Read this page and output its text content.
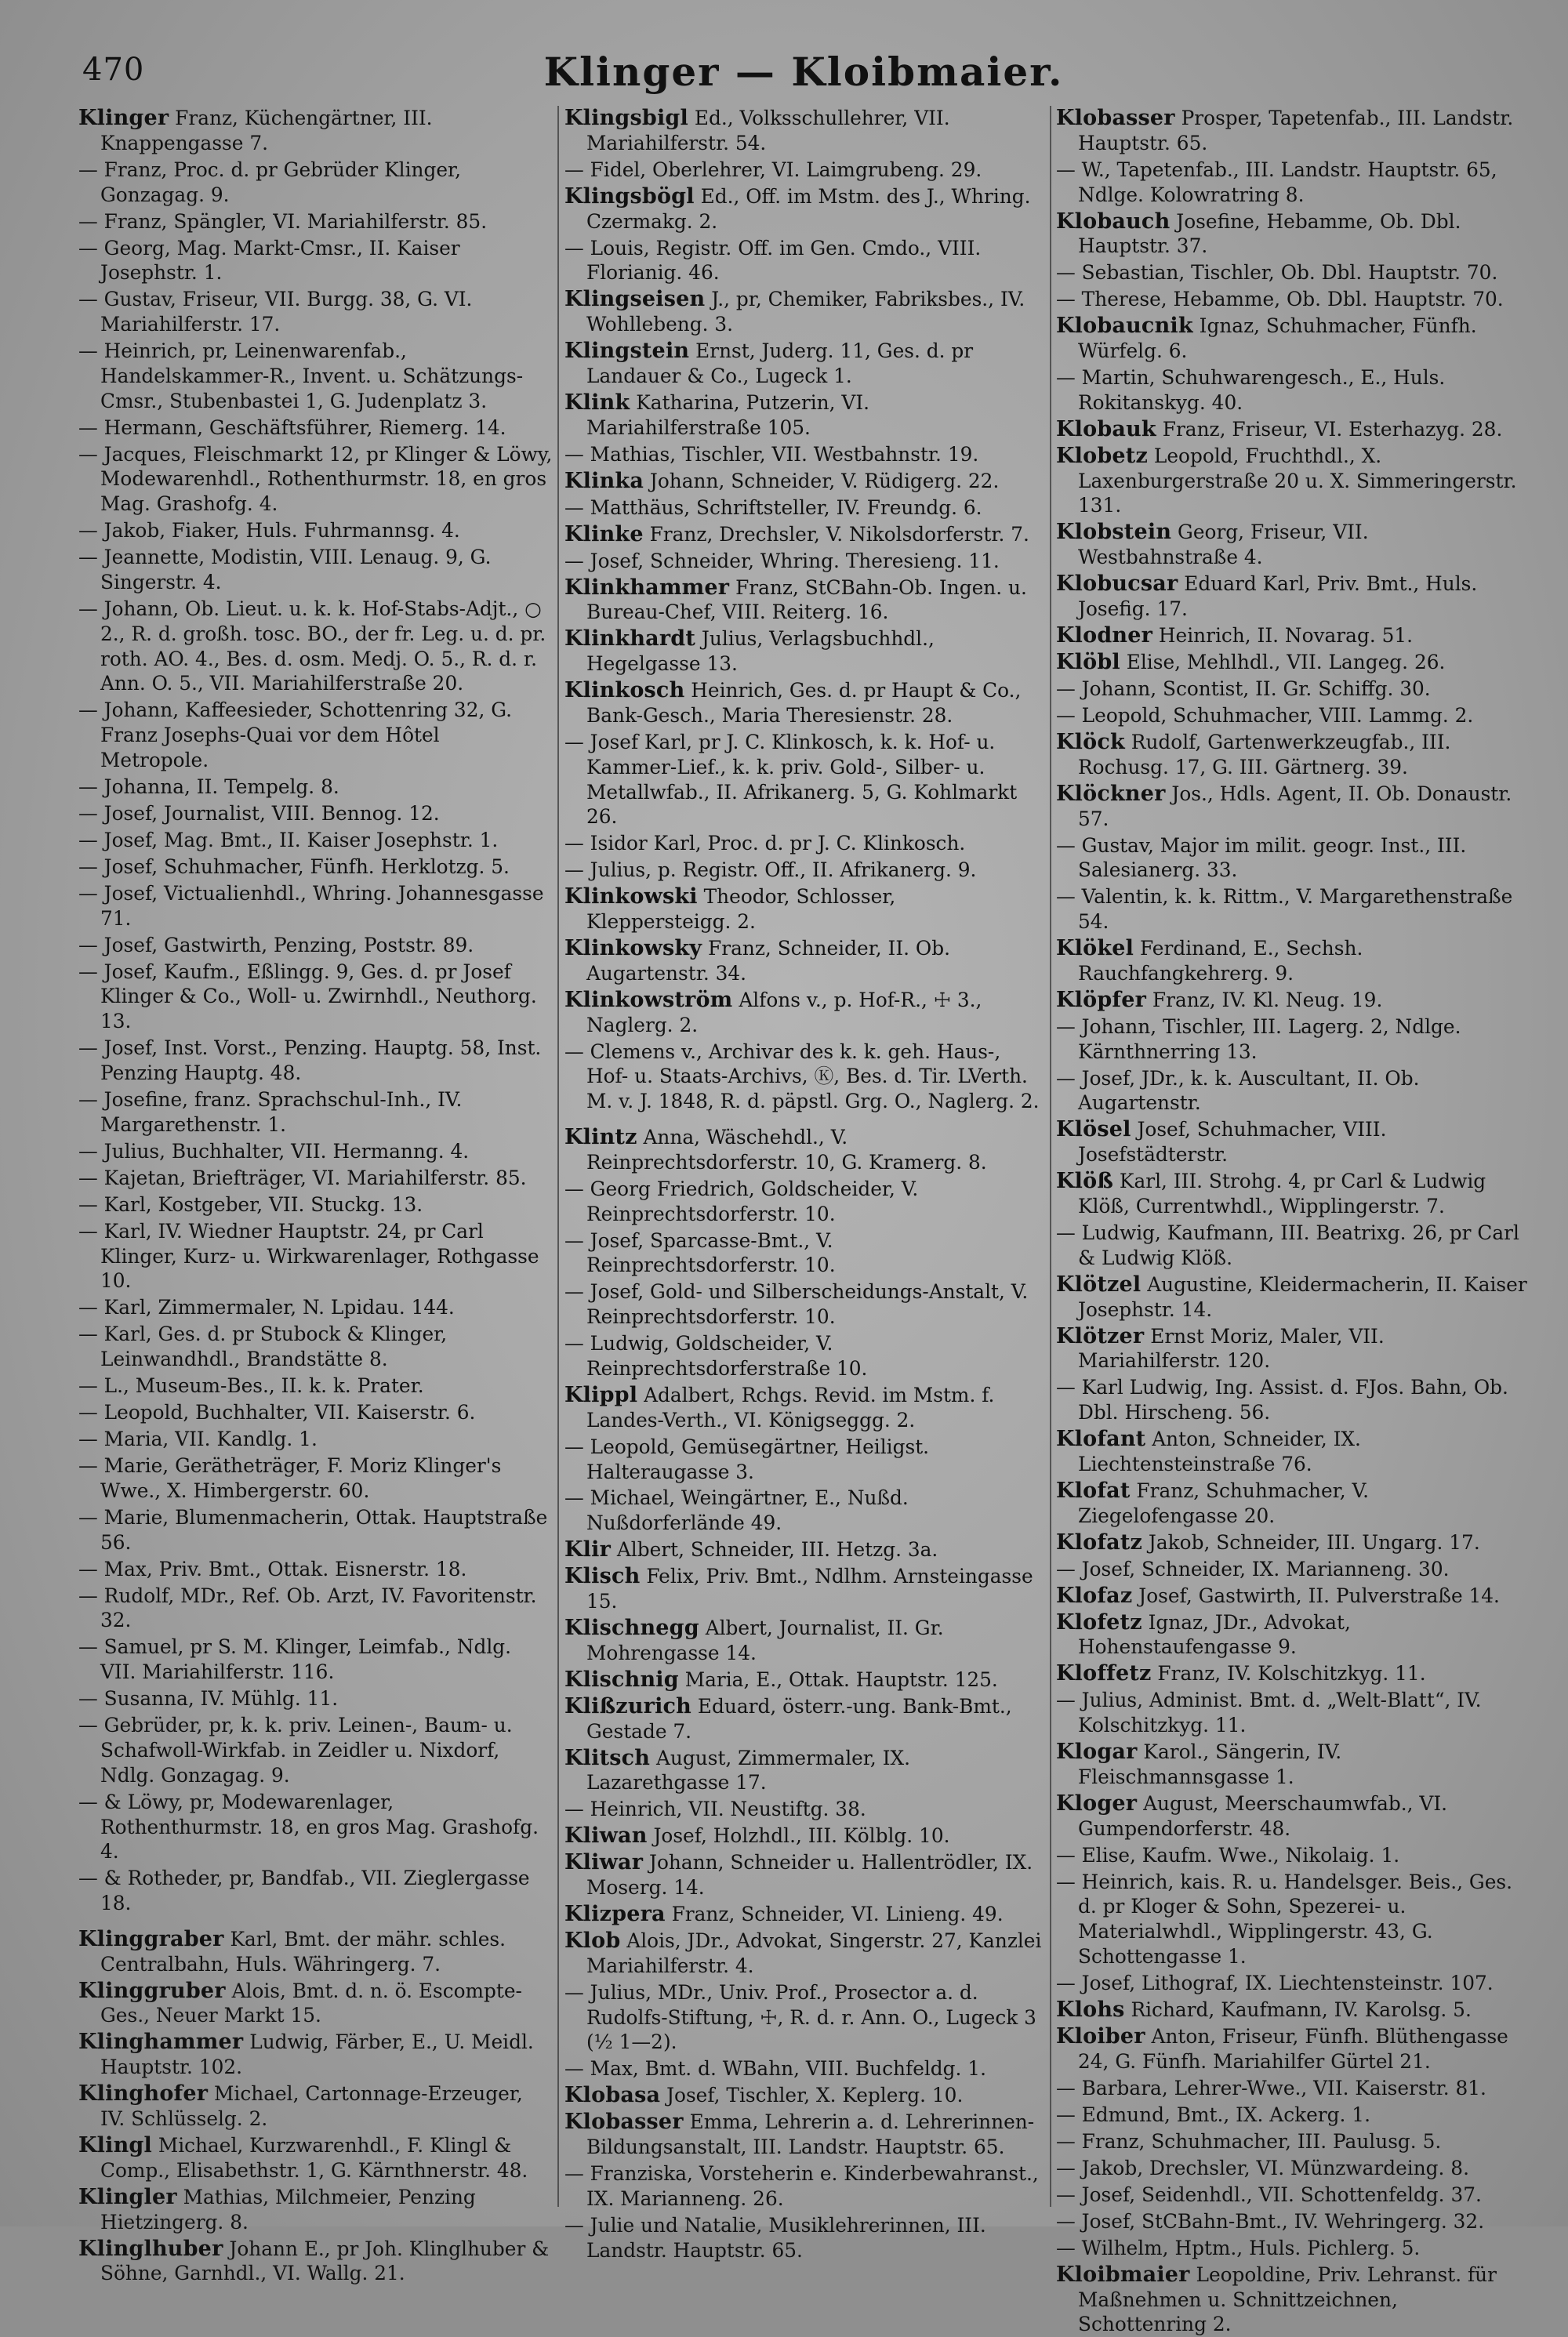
470	Klinger — Kloibmaier.
Klinger Franz, Küchengärtner, III. Knappengasse 7.
— Franz, Proc. d. pr Gebrüder Klinger, Gonzagag. 9.
— Franz, Spängler, VI. Mariahilferstr. 85.
— Georg, Mag. Markt-Cmsr., II. Kaiser Josephstr. 1.
— Gustav, Friseur, VII. Burgg. 38, G. VI. Mariahilferstr. 17.
— Heinrich, pr, Leinenwarenfab., Handelskammer-R., Invent. u. Schätzungs-Cmsr., Stubenbastei 1, G. Judenplatz 3.
— Hermann, Geschäftsführer, Riemerg. 14.
— Jacques, Fleischmarkt 12, pr Klinger & Löwy, Modewarenhdl., Rothenthurmstr. 18, en gros Mag. Grashofg. 4.
— Jakob, Fiaker, Huls. Fuhrmannsg. 4.
— Jeannette, Modistin, VIII. Lenaug. 9, G. Singerstr. 4.
— Johann, Ob. Lieut. u. k. k. Hof-Stabs-Adjt., ○ 2., R. d. großh. tosc. BO., der fr. Leg. u. d. pr. roth. AO. 4., Bes. d. osm. Medj. O. 5., R. d. r. Ann. O. 5., VII. Mariahilferstraße 20.
— Johann, Kaffeesieder, Schottenring 32, G. Franz Josephs-Quai vor dem Hôtel Metropole.
— Johanna, II. Tempelg. 8.
— Josef, Journalist, VIII. Bennog. 12.
— Josef, Mag. Bmt., II. Kaiser Josephstr. 1.
— Josef, Schuhmacher, Fünfh. Herklotzg. 5.
— Josef, Victualienhdl., Whring. Johannesgasse 71.
— Josef, Gastwirth, Penzing, Poststr. 89.
— Josef, Kaufm., Eßlingg. 9, Ges. d. pr Josef Klinger & Co., Woll- u. Zwirnhdl., Neuthorg. 13.
— Josef, Inst. Vorst., Penzing. Hauptg. 58, Inst. Penzing Hauptg. 48.
— Josefine, franz. Sprachschul-Inh., IV. Margarethenstr. 1.
— Julius, Buchhalter, VII. Hermanng. 4.
— Kajetan, Briefträger, VI. Mariahilferstr. 85.
— Karl, Kostgeber, VII. Stuckg. 13.
— Karl, IV. Wiedner Hauptstr. 24, pr Carl Klinger, Kurz- u. Wirkwarenlager, Rothgasse 10.
— Karl, Zimmermaler, N. Lpidau. 144.
— Karl, Ges. d. pr Stubock & Klinger, Leinwandhdl., Brandstätte 8.
— L., Museum-Bes., II. k. k. Prater.
— Leopold, Buchhalter, VII. Kaiserstr. 6.
— Maria, VII. Kandlg. 1.
— Marie, Gerätheträger, F. Moriz Klinger's Wwe., X. Himbergerstr. 60.
— Marie, Blumenmacherin, Ottak. Hauptstraße 56.
— Max, Priv. Bmt., Ottak. Eisnerstr. 18.
— Rudolf, MDr., Ref. Ob. Arzt, IV. Favoritenstr. 32.
— Samuel, pr S. M. Klinger, Leimfab., Ndlg. VII. Mariahilferstr. 116.
— Susanna, IV. Mühlg. 11.
— Gebrüder, pr, k. k. priv. Leinen-, Baum- u. Schafwoll-Wirkfab. in Zeidler u. Nixdorf, Ndlg. Gonzagag. 9.
— & Löwy, pr, Modewarenlager, Rothenthurmstr. 18, en gros Mag. Grashofg. 4.
— & Rotheder, pr, Bandfab., VII. Zieglergasse 18.
Klinggraber Karl, Bmt. der mähr. schles. Centralbahn, Huls. Währingerg. 7.
Klinggruber Alois, Bmt. d. n. ö. Escompte-Ges., Neuer Markt 15.
Klinghammer Ludwig, Färber, E., U. Meidl. Hauptstr. 102.
Klinghofer Michael, Cartonnage-Erzeuger, IV. Schlüsselg. 2.
Klingl Michael, Kurzwarenhdl., F. Klingl & Comp., Elisabethstr. 1, G. Kärnthnerstr. 48.
Klingler Mathias, Milchmeier, Penzing Hietzingerg. 8.
Klinglhuber Johann E., pr Joh. Klinglhuber & Söhne, Garnhdl., VI. Wallg. 21.
Klingsbigl Ed., Volksschullehrer, VII. Mariahilferstr. 54.
— Fidel, Oberlehrer, VI. Laimgrubeng. 29.
Klingsbögl Ed., Off. im Mstm. des J., Whring. Czermakg. 2.
— Louis, Registr. Off. im Gen. Cmdo., VIII. Florianig. 46.
Klingseisen J., pr, Chemiker, Fabriksbes., IV. Wohllebeng. 3.
Klingstein Ernst, Juderg. 11, Ges. d. pr Landauer & Co., Lugeck 1.
Klink Katharina, Putzerin, VI. Mariahilferstraße 105.
— Mathias, Tischler, VII. Westbahnstr. 19.
Klinka Johann, Schneider, V. Rüdigerg. 22.
— Matthäus, Schriftsteller, IV. Freundg. 6.
Klinke Franz, Drechsler, V. Nikolsdorferstr. 7.
— Josef, Schneider, Whring. Theresieng. 11.
Klinkhammer Franz, StCBahn-Ob. Ingen. u. Bureau-Chef, VIII. Reiterg. 16.
Klinkhardt Julius, Verlagsbuchhdl., Hegelgasse 13.
Klinkosch Heinrich, Ges. d. pr Haupt & Co., Bank-Gesch., Maria Theresienstr. 28.
— Josef Karl, pr J. C. Klinkosch, k. k. Hof- u. Kammer-Lief., k. k. priv. Gold-, Silber- u. Metallwfab., II. Afrikanerg. 5, G. Kohlmarkt 26.
— Isidor Karl, Proc. d. pr J. C. Klinkosch.
— Julius, p. Registr. Off., II. Afrikanerg. 9.
Klinkowski Theodor, Schlosser, Kleppersteigg. 2.
Klinkowsky Franz, Schneider, II. Ob. Augartenstr. 34.
Klinkowström Alfons v., p. Hof-R., ☩ 3., Naglerg. 2.
— Clemens v., Archivar des k. k. geh. Haus-, Hof- u. Staats-Archivs, Ⓚ, Bes. d. Tir. LVerth. M. v. J. 1848, R. d. päpstl. Grg. O., Naglerg. 2.
Klintz Anna, Wäschehdl., V. Reinprechtsdorferstr. 10, G. Kramerg. 8.
— Georg Friedrich, Goldscheider, V. Reinprechtsdorferstr. 10.
— Josef, Sparcasse-Bmt., V. Reinprechtsdorferstr. 10.
— Josef, Gold- und Silberscheidungs-Anstalt, V. Reinprechtsdorferstr. 10.
— Ludwig, Goldscheider, V. Reinprechtsdorferstraße 10.
Klippl Adalbert, Rchgs. Revid. im Mstm. f. Landes-Verth., VI. Königseggg. 2.
— Leopold, Gemüsegärtner, Heiligst. Halteraugasse 3.
— Michael, Weingärtner, E., Nußd. Nußdorferlände 49.
Klir Albert, Schneider, III. Hetzg. 3a.
Klisch Felix, Priv. Bmt., Ndlhm. Arnsteingasse 15.
Klischnegg Albert, Journalist, II. Gr. Mohrengasse 14.
Klischnig Maria, E., Ottak. Hauptstr. 125.
Klißzurich Eduard, österr.-ung. Bank-Bmt., Gestade 7.
Klitsch August, Zimmermaler, IX. Lazarethgasse 17.
— Heinrich, VII. Neustiftg. 38.
Kliwan Josef, Holzhdl., III. Kölblg. 10.
Kliwar Johann, Schneider u. Hallentrödler, IX. Moserg. 14.
Klizpera Franz, Schneider, VI. Linieng. 49.
Klob Alois, JDr., Advokat, Singerstr. 27, Kanzlei Mariahilferstr. 4.
— Julius, MDr., Univ. Prof., Prosector a. d. Rudolfs-Stiftung, ☩, R. d. r. Ann. O., Lugeck 3 (½ 1—2).
— Max, Bmt. d. WBahn, VIII. Buchfeldg. 1.
Klobasa Josef, Tischler, X. Keplerg. 10.
Klobasser Emma, Lehrerin a. d. Lehrerinnen-Bildungsanstalt, III. Landstr. Hauptstr. 65.
— Franziska, Vorsteherin e. Kinderbewahranst., IX. Marianneng. 26.
— Julie und Natalie, Musiklehrerinnen, III. Landstr. Hauptstr. 65.
Klobasser Prosper, Tapetenfab., III. Landstr. Hauptstr. 65.
— W., Tapetenfab., III. Landstr. Hauptstr. 65, Ndlge. Kolowratring 8.
Klobauch Josefine, Hebamme, Ob. Dbl. Hauptstr. 37.
— Sebastian, Tischler, Ob. Dbl. Hauptstr. 70.
— Therese, Hebamme, Ob. Dbl. Hauptstr. 70.
Klobaucnik Ignaz, Schuhmacher, Fünfh. Würfelg. 6.
— Martin, Schuhwarengesch., E., Huls. Rokitanskyg. 40.
Klobauk Franz, Friseur, VI. Esterhazyg. 28.
Klobetz Leopold, Fruchthdl., X. Laxenburgerstraße 20 u. X. Simmeringerstr. 131.
Klobstein Georg, Friseur, VII. Westbahnstraße 4.
Klobucsar Eduard Karl, Priv. Bmt., Huls. Josefig. 17.
Klodner Heinrich, II. Novarag. 51.
Klöbl Elise, Mehlhdl., VII. Langeg. 26.
— Johann, Scontist, II. Gr. Schiffg. 30.
— Leopold, Schuhmacher, VIII. Lammg. 2.
Klöck Rudolf, Gartenwerkzeugfab., III. Rochusg. 17, G. III. Gärtnerg. 39.
Klöckner Jos., Hdls. Agent, II. Ob. Donaustr. 57.
— Gustav, Major im milit. geogr. Inst., III. Salesianerg. 33.
— Valentin, k. k. Rittm., V. Margarethenstraße 54.
Klökel Ferdinand, E., Sechsh. Rauchfangkehrerg. 9.
Klöpfer Franz, IV. Kl. Neug. 19.
— Johann, Tischler, III. Lagerg. 2, Ndlge. Kärnthnerring 13.
— Josef, JDr., k. k. Auscultant, II. Ob. Augartenstr.
Klösel Josef, Schuhmacher, VIII. Josefstädterstr.
Klöß Karl, III. Strohg. 4, pr Carl & Ludwig Klöß, Currentwhdl., Wipplingerstr. 7.
— Ludwig, Kaufmann, III. Beatrixg. 26, pr Carl & Ludwig Klöß.
Klötzel Augustine, Kleidermacherin, II. Kaiser Josephstr. 14.
Klötzer Ernst Moriz, Maler, VII. Mariahilferstr. 120.
— Karl Ludwig, Ing. Assist. d. FJos. Bahn, Ob. Dbl. Hirscheng. 56.
Klofant Anton, Schneider, IX. Liechtensteinstraße 76.
Klofat Franz, Schuhmacher, V. Ziegelofengasse 20.
Klofatz Jakob, Schneider, III. Ungarg. 17.
— Josef, Schneider, IX. Marianneng. 30.
Klofaz Josef, Gastwirth, II. Pulverstraße 14.
Klofetz Ignaz, JDr., Advokat, Hohenstaufengasse 9.
Kloffetz Franz, IV. Kolschitzkyg. 11.
— Julius, Administ. Bmt. d. „Welt-Blatt“, IV. Kolschitzkyg. 11.
Klogar Karol., Sängerin, IV. Fleischmannsgasse 1.
Kloger August, Meerschaumwfab., VI. Gumpendorferstr. 48.
— Elise, Kaufm. Wwe., Nikolaig. 1.
— Heinrich, kais. R. u. Handelsger. Beis., Ges. d. pr Kloger & Sohn, Spezerei- u. Materialwhdl., Wipplingerstr. 43, G. Schottengasse 1.
— Josef, Lithograf, IX. Liechtensteinstr. 107.
Klohs Richard, Kaufmann, IV. Karolsg. 5.
Kloiber Anton, Friseur, Fünfh. Blüthengasse 24, G. Fünfh. Mariahilfer Gürtel 21.
— Barbara, Lehrer-Wwe., VII. Kaiserstr. 81.
— Edmund, Bmt., IX. Ackerg. 1.
— Franz, Schuhmacher, III. Paulusg. 5.
— Jakob, Drechsler, VI. Münzwardeing. 8.
— Josef, Seidenhdl., VII. Schottenfeldg. 37.
— Josef, StCBahn-Bmt., IV. Wehringerg. 32.
— Wilhelm, Hptm., Huls. Pichlerg. 5.
Kloibmaier Leopoldine, Priv. Lehranst. für Maßnehmen u. Schnittzeichnen, Schottenring 2.
